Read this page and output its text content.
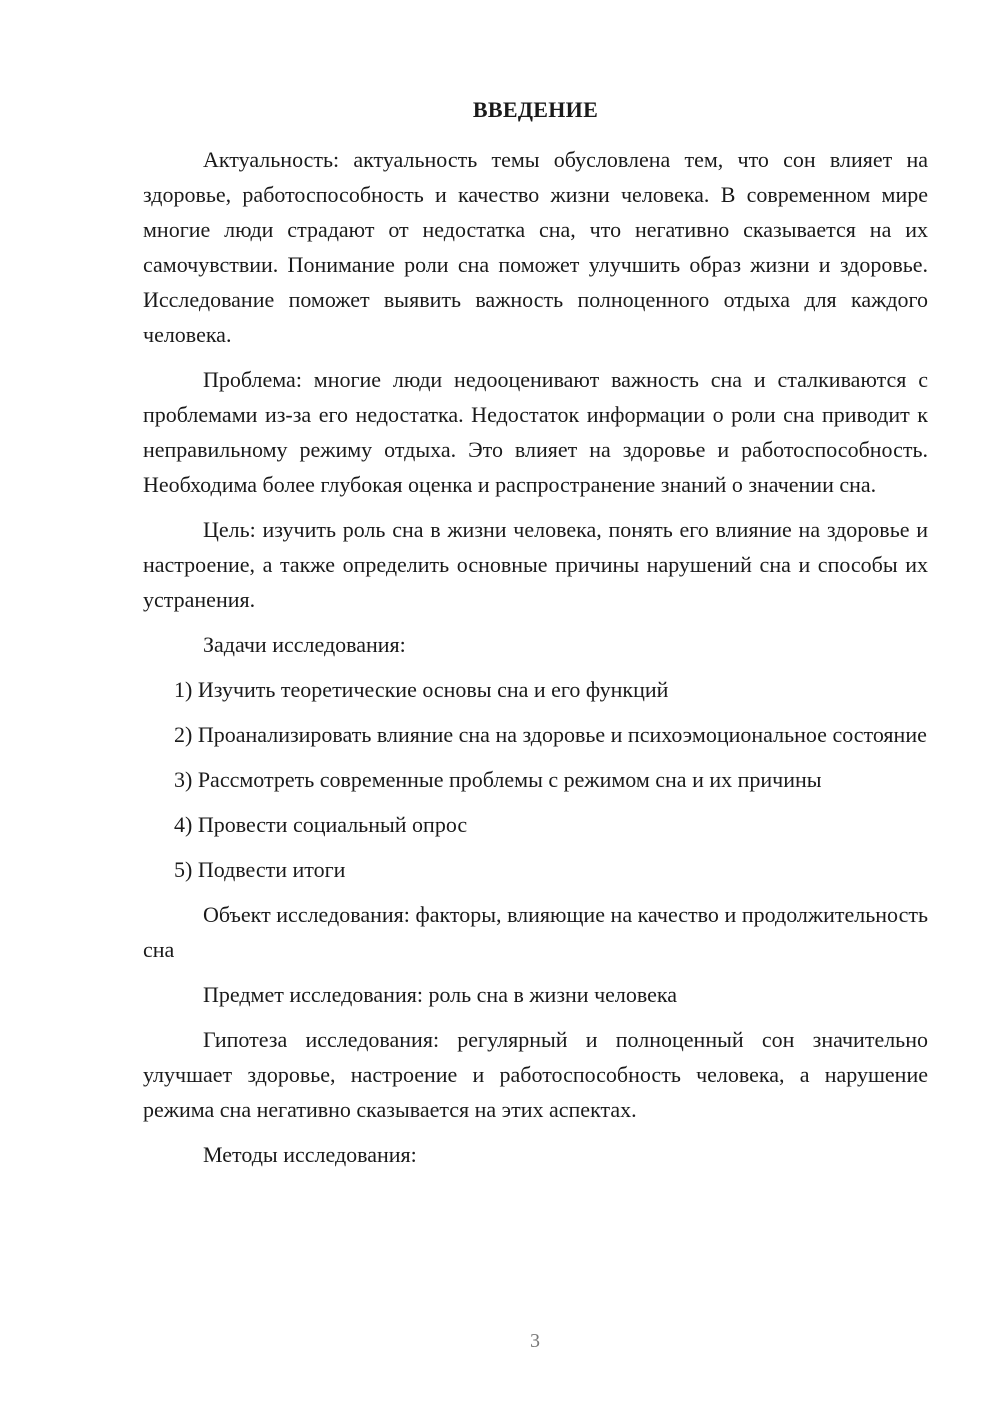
ВВЕДЕНИЕ

Актуальность: актуальность темы обусловлена тем, что сон влияет на здоровье, работоспособность и качество жизни человека. В современном мире многие люди страдают от недостатка сна, что негативно сказывается на их самочувствии. Понимание роли сна поможет улучшить образ жизни и здоровье. Исследование поможет выявить важность полноценного отдыха для каждого человека.

Проблема: многие люди недооценивают важность сна и сталкиваются с проблемами из-за его недостатка. Недостаток информации о роли сна приводит к неправильному режиму отдыха. Это влияет на здоровье и работоспособность. Необходима более глубокая оценка и распространение знаний о значении сна.

Цель: изучить роль сна в жизни человека, понять его влияние на здоровье и настроение, а также определить основные причины нарушений сна и способы их устранения.

Задачи исследования:

1) Изучить теоретические основы сна и его функций

2) Проанализировать влияние сна на здоровье и психоэмоциональное состояние

3) Рассмотреть современные проблемы с режимом сна и их причины

4) Провести социальный опрос

5) Подвести итоги

Объект исследования: факторы, влияющие на качество и продолжительность сна

Предмет исследования: роль сна в жизни человека

Гипотеза исследования: регулярный и полноценный сон значительно улучшает здоровье, настроение и работоспособность человека, а нарушение режима сна негативно сказывается на этих аспектах.

Методы исследования:

3
